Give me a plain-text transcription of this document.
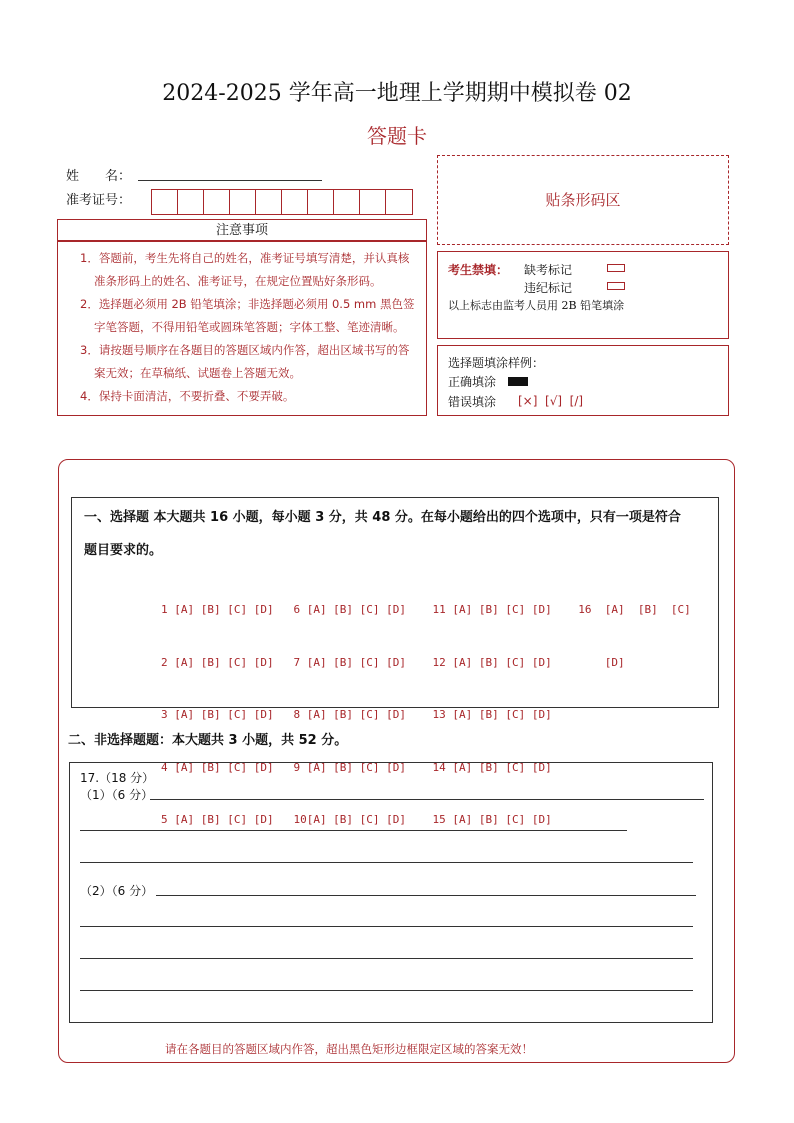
2024-2025 学年高一地理上学期期中模拟卷 02
答题卡
姓　　名：
准考证号：	贴条形码区
注意事项
1．答题前，考生先将自己的姓名，准考证号填写清楚，并认真核准条形码上的姓名、准考证号，在规定位置贴好条形码。
2．选择题必须用 2B 铅笔填涂；非选择题必须用 0.5 mm 黑色签字笔答题，不得用铅笔或圆珠笔答题；字体工整、笔迹清晰。
3．请按题号顺序在各题目的答题区域内作答，超出区域书写的答案无效；在草稿纸、试题卷上答题无效。
4．保持卡面清洁，不要折叠、不要弄破。
考生禁填： 缺考标记
违纪标记
以上标志由监考人员用 2B 铅笔填涂
选择题填涂样例：
正确填涂
错误填涂 [×]  [√]  [/]
一、选择题 本大题共 16 小题，每小题 3 分，共 48 分。在每小题给出的四个选项中，只有一项是符合
题目要求的。

1 [A] [B] [C] [D]   6 [A] [B] [C] [D]    11 [A] [B] [C] [D]    16  [A]  [B]  [C]

2 [A] [B] [C] [D]   7 [A] [B] [C] [D]    12 [A] [B] [C] [D]        [D]

3 [A] [B] [C] [D]   8 [A] [B] [C] [D]    13 [A] [B] [C] [D]

4 [A] [B] [C] [D]   9 [A] [B] [C] [D]    14 [A] [B] [C] [D]

5 [A] [B] [C] [D]   10[A] [B] [C] [D]    15 [A] [B] [C] [D]

二、非选择题题：本大题共 3 小题，共 52 分。
17.（18 分）
（1）（6 分）
（2）（6 分）
请在各题目的答题区域内作答，超出黑色矩形边框限定区域的答案无效！
